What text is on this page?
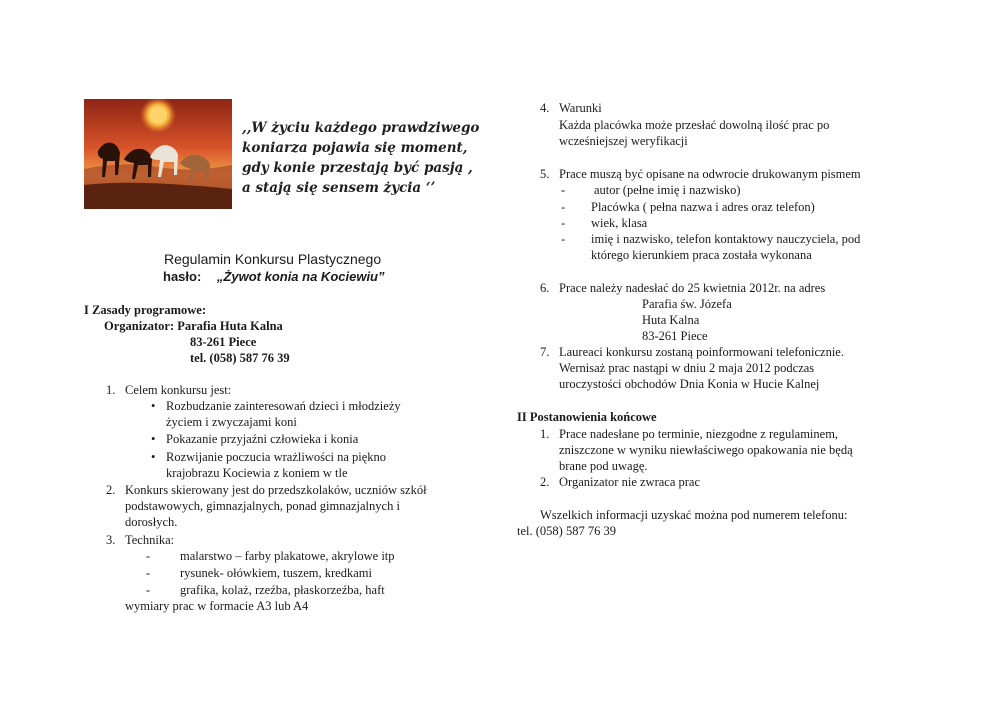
,,W życiu każdego prawdziwego
koniarza pojawia się moment,
gdy konie przestają być pasją ,
a stają się sensem życia ‘’
Regulamin Konkursu Plastycznego
hasło: „Żywot konia na Kociewiu”
I Zasady programowe:
Organizator: Parafia Huta Kalna
83-261 Piece
tel. (058) 587 76 39
1. Celem konkursu jest:
• Rozbudzanie zainteresowań dzieci i młodzieży
życiem i zwyczajami koni
• Pokazanie przyjaźni człowieka i konia
• Rozwijanie poczucia wrażliwości na piękno
krajobrazu Kociewia z koniem w tle
2. Konkurs skierowany jest do przedszkolaków, uczniów szkół
podstawowych, gimnazjalnych, ponad gimnazjalnych i
dorosłych.
3. Technika:
- malarstwo – farby plakatowe, akrylowe itp
- rysunek- ołówkiem, tuszem, kredkami
- grafika, kolaż, rzeźba, płaskorzeźba, haft
wymiary prac w formacie A3 lub A4
4. Warunki
Każda placówka może przesłać dowolną ilość prac po
wcześniejszej weryfikacji
5. Prace muszą być opisane na odwrocie drukowanym pismem
- autor (pełne imię i nazwisko)
- Placówka ( pełna nazwa i adres oraz telefon)
- wiek, klasa
- imię i nazwisko, telefon kontaktowy nauczyciela, pod
którego kierunkiem praca została wykonana
6. Prace należy nadesłać do 25 kwietnia 2012r. na adres
Parafia św. Józefa
Huta Kalna
83-261 Piece
7. Laureaci konkursu zostaną poinformowani telefonicznie.
Wernisaż prac nastąpi w dniu 2 maja 2012 podczas
uroczystości obchodów Dnia Konia w Hucie Kalnej
II Postanowienia końcowe
1. Prace nadesłane po terminie, niezgodne z regulaminem,
zniszczone w wyniku niewłaściwego opakowania nie będą
brane pod uwagę.
2. Organizator nie zwraca prac
Wszelkich informacji uzyskać można pod numerem telefonu:
tel. (058) 587 76 39
